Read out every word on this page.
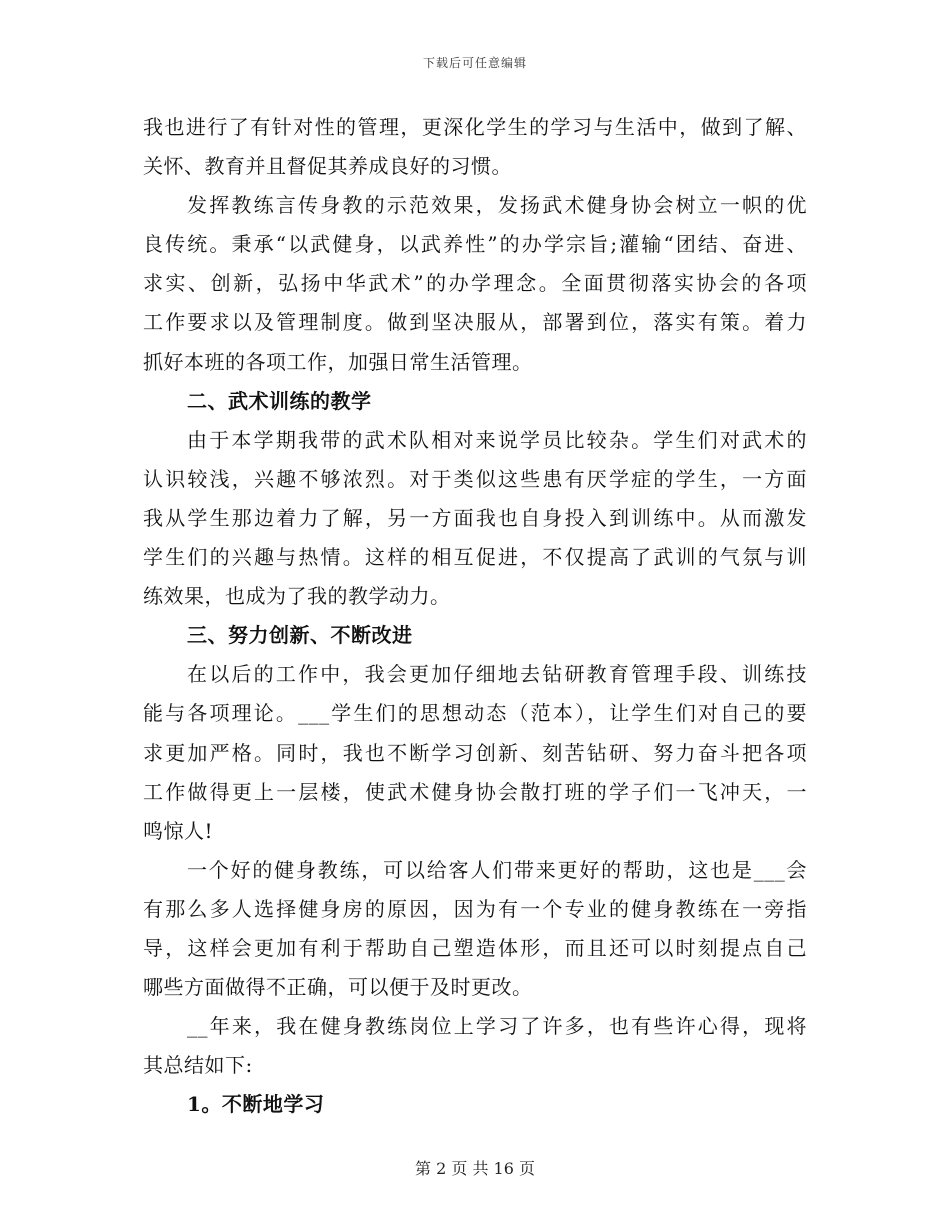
下载后可任意编辑
我也进行了有针对性的管理，更深化学生的学习与生活中，做到了解、
关怀、教育并且督促其养成良好的习惯。
发挥教练言传身教的示范效果，发扬武术健身协会树立一帜的优
良传统。秉承“以武健身，以武养性”的办学宗旨;灌输“团结、奋进、
求实、创新，弘扬中华武术”的办学理念。全面贯彻落实协会的各项
工作要求以及管理制度。做到坚决服从，部署到位，落实有策。着力
抓好本班的各项工作，加强日常生活管理。
二、武术训练的教学
由于本学期我带的武术队相对来说学员比较杂。学生们对武术的
认识较浅，兴趣不够浓烈。对于类似这些患有厌学症的学生，一方面
我从学生那边着力了解，另一方面我也自身投入到训练中。从而激发
学生们的兴趣与热情。这样的相互促进，不仅提高了武训的气氛与训
练效果，也成为了我的教学动力。
三、努力创新、不断改进
在以后的工作中，我会更加仔细地去钻研教育管理手段、训练技
能与各项理论。___学生们的思想动态（范本），让学生们对自己的要
求更加严格。同时，我也不断学习创新、刻苦钻研、努力奋斗把各项
工作做得更上一层楼，使武术健身协会散打班的学子们一飞冲天，一
鸣惊人!
一个好的健身教练，可以给客人们带来更好的帮助，这也是___会
有那么多人选择健身房的原因，因为有一个专业的健身教练在一旁指
导，这样会更加有利于帮助自己塑造体形，而且还可以时刻提点自己
哪些方面做得不正确，可以便于及时更改。
__年来，我在健身教练岗位上学习了许多，也有些许心得，现将
其总结如下:
1。不断地学习
第 2 页 共 16 页
